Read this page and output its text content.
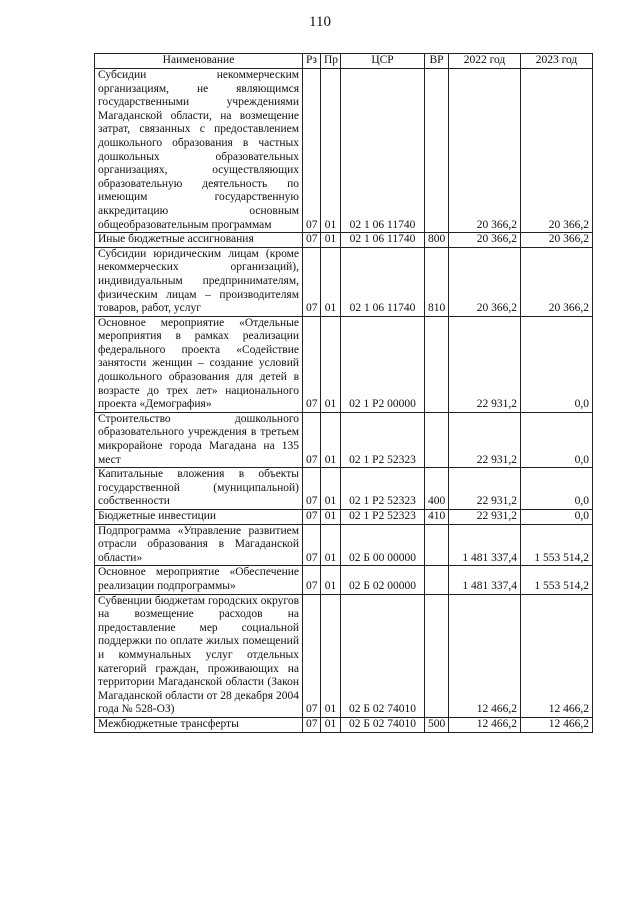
110
Наименование	Рз	Пр	ЦСР	ВР	2022 год	2023 год
Субсидии некоммерческим организациям, не являющимся государственными учреждениями Магаданской области, на возмещение затрат, связанных с предоставлением дошкольного образования в частных дошкольных образовательных организациях, осуществляющих образовательную деятельность по имеющим государственную аккредитацию основным общеобразовательным программам	07	01	02 1 06 11740		20 366,2	20 366,2
Иные бюджетные ассигнования	07	01	02 1 06 11740	800	20 366,2	20 366,2
Субсидии юридическим лицам (кроме некоммерческих организаций), индивидуальным предпринимателям, физическим лицам – производителям товаров, работ, услуг	07	01	02 1 06 11740	810	20 366,2	20 366,2
Основное мероприятие «Отдельные мероприятия в рамках реализации федерального проекта «Содействие занятости женщин – создание условий дошкольного образования для детей в возрасте до трех лет» национального проекта «Демография»	07	01	02 1 P2 00000		22 931,2	0,0
Строительство дошкольного образовательного учреждения в третьем микрорайоне города Магадана на 135 мест	07	01	02 1 P2 52323		22 931,2	0,0
Капитальные вложения в объекты государственной (муниципальной) собственности	07	01	02 1 P2 52323	400	22 931,2	0,0
Бюджетные инвестиции	07	01	02 1 P2 52323	410	22 931,2	0,0
Подпрограмма «Управление развитием отрасли образования в Магаданской области»	07	01	02 Б 00 00000		1 481 337,4	1 553 514,2
Основное мероприятие «Обеспечение реализации подпрограммы»	07	01	02 Б 02 00000		1 481 337,4	1 553 514,2
Субвенции бюджетам городских округов на возмещение расходов на предоставление мер социальной поддержки по оплате жилых помещений и коммунальных услуг отдельных категорий граждан, проживающих на территории Магаданской области (Закон Магаданской области от 28 декабря 2004 года № 528-ОЗ)	07	01	02 Б 02 74010		12 466,2	12 466,2
Межбюджетные трансферты	07	01	02 Б 02 74010	500	12 466,2	12 466,2
